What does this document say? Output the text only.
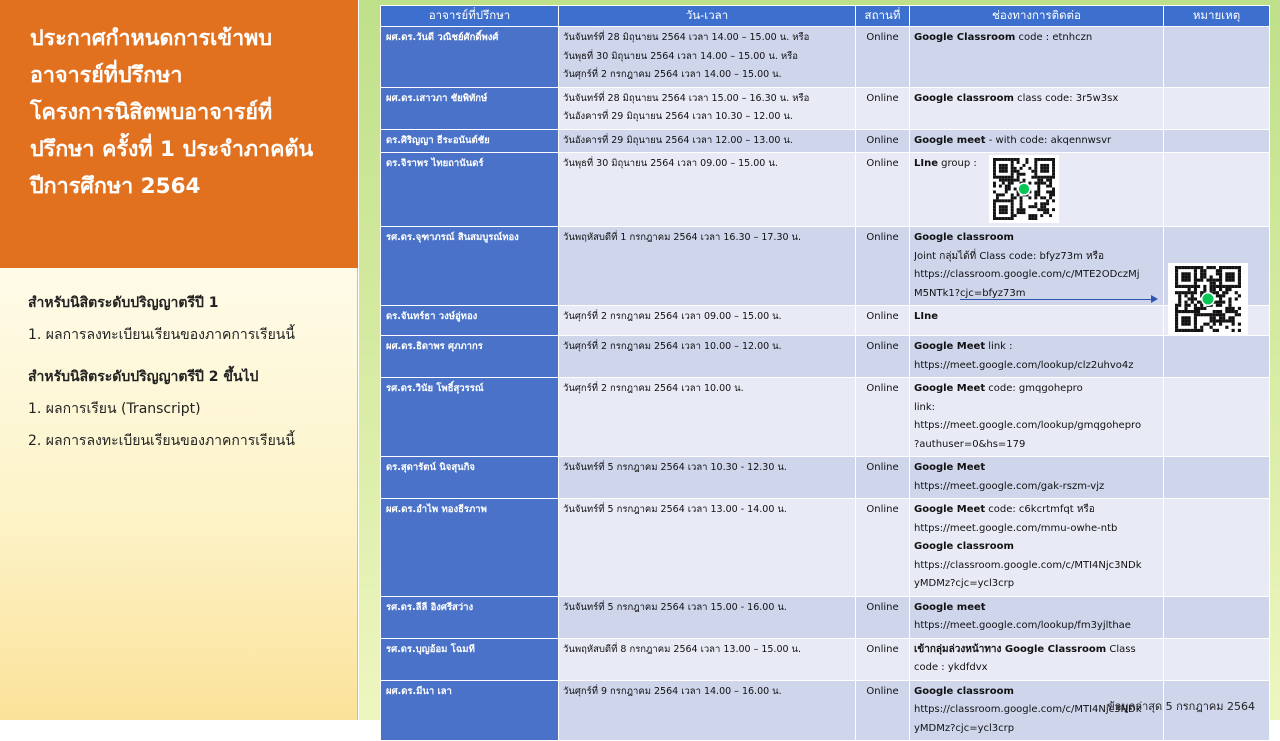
ประกาศกำหนดการเข้าพบ
อาจารย์ที่ปรึกษา
โครงการนิสิตพบอาจารย์ที่
ปรึกษา ครั้งที่ 1 ประจำภาคต้น
ปีการศึกษา 2564
สำหรับนิสิตระดับปริญญาตรีปี 1
1. ผลการลงทะเบียนเรียนของภาคการเรียนนี้
สำหรับนิสิตระดับปริญญาตรีปี 2 ขึ้นไป
1. ผลการเรียน (Transcript)
2. ผลการลงทะเบียนเรียนของภาคการเรียนนี้
อาจารย์ที่ปรึกษา	วัน-เวลา	สถานที่	ช่องทางการติดต่อ	หมายเหตุ
ผศ.ดร.วันดี วณิชย์ศักดิ์พงศ์	วันจันทร์ที่ 28 มิถุนายน 2564 เวลา 14.00 – 15.00 น. หรือ
วันพุธที่ 30 มิถุนายน 2564 เวลา 14.00 – 15.00 น. หรือ
วันศุกร์ที่ 2 กรกฎาคม 2564 เวลา 14.00 – 15.00 น.	Online	Google Classroom code : etnhczn	

ผศ.ดร.เสาวภา ชัยพิทักษ์	วันจันทร์ที่ 28 มิถุนายน 2564 เวลา 15.00 – 16.30 น. หรือ
วันอังคารที่ 29 มิถุนายน 2564 เวลา 10.30 – 12.00 น.	Online	Google classroom class code: 3r5w3sx	

ดร.ศิริญญา ธีระอนันต์ชัย	วันอังคารที่ 29 มิถุนายน 2564 เวลา 12.00 – 13.00 น.	Online	Google meet - with code: akqennwsvr	

ดร.จิราพร ไทยถานันดร์	วันพุธที่ 30 มิถุนายน 2564 เวลา 09.00 – 15.00 น.	Online	LIne group :	

รศ.ดร.จุฑาภรณ์ สินสมบูรณ์ทอง	วันพฤหัสบดีที่ 1 กรกฎาคม 2564 เวลา 16.30 – 17.30 น.	Online	Google classroom
Joint กลุ่มได้ที่ Class code: bfyz73m หรือ
https://classroom.google.com/c/MTE2ODczMj
M5NTk1?cjc=bfyz73m	

ดร.จันทร์ธา วงษ์อู่ทอง	วันศุกร์ที่ 2 กรกฎาคม 2564 เวลา 09.00 – 15.00 น.	Online	LIne	

ผศ.ดร.ธิดาพร ศุภภากร	วันศุกร์ที่ 2 กรกฎาคม 2564 เวลา 10.00 – 12.00 น.	Online	Google Meet link :
https://meet.google.com/lookup/clz2uhvo4z	

รศ.ดร.วินัย โพธิ์สุวรรณ์	วันศุกร์ที่ 2 กรกฎาคม 2564 เวลา 10.00 น.	Online	Google Meet code: gmqgohepro
link:
https://meet.google.com/lookup/gmqgohepro
?authuser=0&hs=179	

ดร.สุดารัตน์ นิจสุนกิจ	วันจันทร์ที่ 5 กรกฎาคม 2564 เวลา 10.30 - 12.30 น.	Online	Google Meet
https://meet.google.com/gak-rszm-vjz	

ผศ.ดร.อำไพ ทองธีรภาพ	วันจันทร์ที่ 5 กรกฎาคม 2564 เวลา 13.00 - 14.00 น.	Online	Google Meet code: c6kcrtmfqt หรือ
https://meet.google.com/mmu-owhe-ntb
Google classroom
https://classroom.google.com/c/MTI4Njc3NDk
yMDMz?cjc=ycl3crp	

รศ.ดร.ลีลี อิงศรีสว่าง	วันจันทร์ที่ 5 กรกฎาคม 2564 เวลา 15.00 - 16.00 น.	Online	Google meet
https://meet.google.com/lookup/fm3yjlthae	

รศ.ดร.บุญอ้อม โฉมที	วันพฤหัสบดีที่ 8 กรกฎาคม 2564 เวลา 13.00 – 15.00 น.	Online	เข้ากลุ่มล่วงหน้าทาง Google Classroom Class
code : ykdfdvx	

ผศ.ดร.มีนา เลา	วันศุกร์ที่ 9 กรกฎาคม 2564 เวลา 14.00 – 16.00 น.	Online	Google classroom
https://classroom.google.com/c/MTI4Njc3NDk
yMDMz?cjc=ycl3crp	

ข้อมูลล่าสุด 5 กรกฎาคม 2564
